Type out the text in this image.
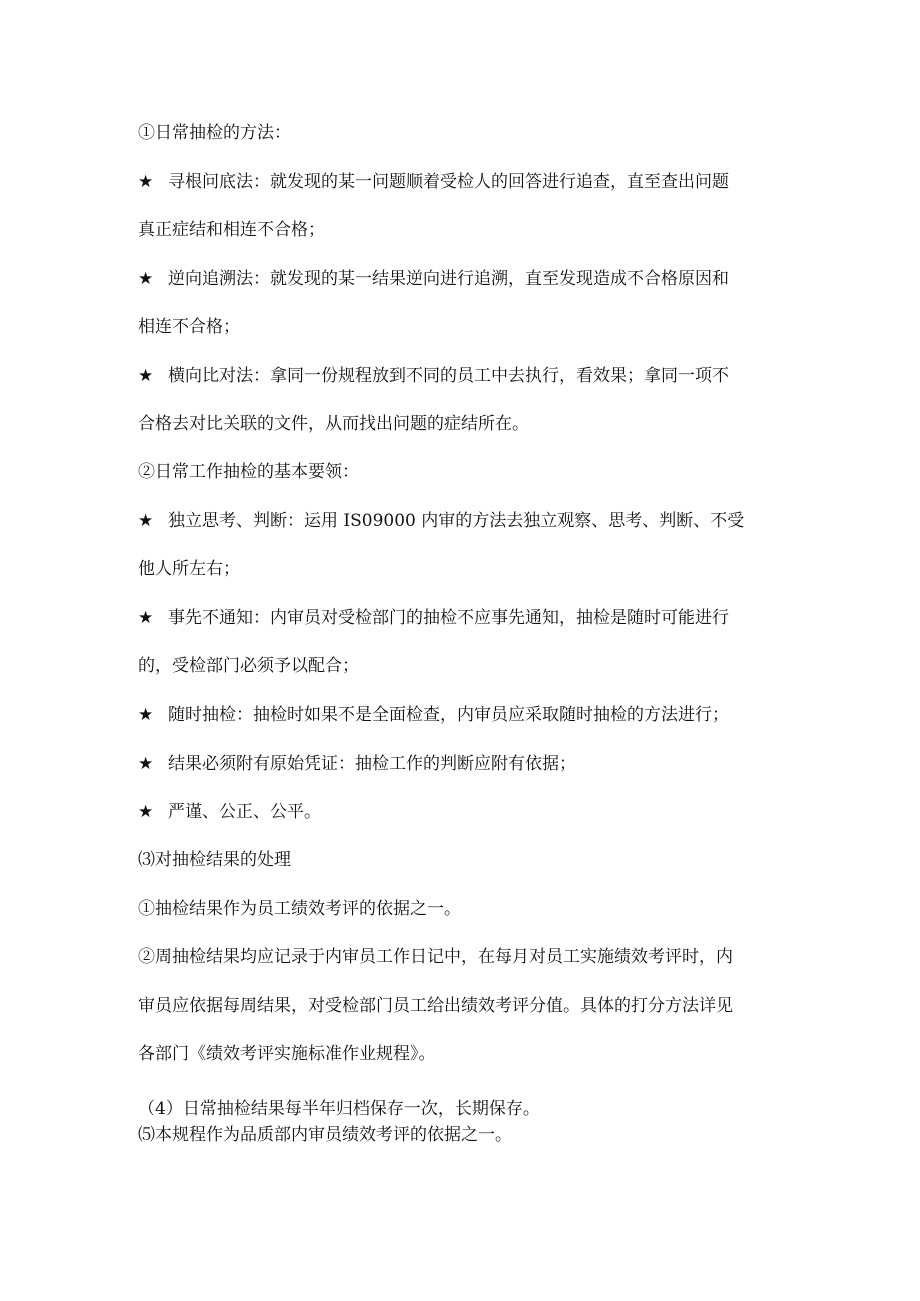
①日常抽检的方法：
★ 寻根问底法：就发现的某一问题顺着受检人的回答进行追查，直至查出问题
真正症结和相连不合格；
★ 逆向追溯法：就发现的某一结果逆向进行追溯，直至发现造成不合格原因和
相连不合格；
★ 横向比对法：拿同一份规程放到不同的员工中去执行，看效果；拿同一项不
合格去对比关联的文件，从而找出问题的症结所在。
②日常工作抽检的基本要领：
★ 独立思考、判断：运用 IS09000 内审的方法去独立观察、思考、判断、不受
他人所左右；
★ 事先不通知：内审员对受检部门的抽检不应事先通知，抽检是随时可能进行
的，受检部门必须予以配合；
★ 随时抽检：抽检时如果不是全面检查，内审员应采取随时抽检的方法进行；
★ 结果必须附有原始凭证：抽检工作的判断应附有依据；
★ 严谨、公正、公平。
⑶对抽检结果的处理
①抽检结果作为员工绩效考评的依据之一。
②周抽检结果均应记录于内审员工作日记中，在每月对员工实施绩效考评时，内
审员应依据每周结果，对受检部门员工给出绩效考评分值。具体的打分方法详见
各部门《绩效考评实施标准作业规程》。
（4）日常抽检结果每半年归档保存一次，长期保存。
⑸本规程作为品质部内审员绩效考评的依据之一。
